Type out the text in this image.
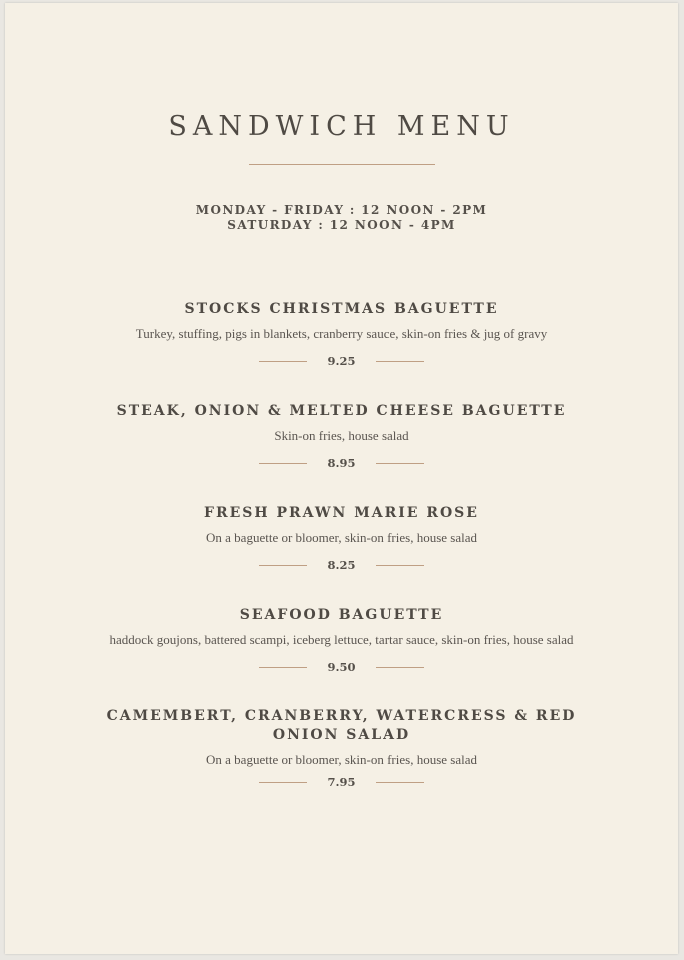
SANDWICH MENU
MONDAY - FRIDAY : 12 NOON - 2PM
SATURDAY : 12 NOON - 4PM
STOCKS CHRISTMAS BAGUETTE
Turkey, stuffing, pigs in blankets, cranberry sauce, skin-on fries & jug of gravy
9.25
STEAK, ONION & MELTED CHEESE BAGUETTE
Skin-on fries, house salad
8.95
FRESH PRAWN MARIE ROSE
On a baguette or bloomer, skin-on fries, house salad
8.25
SEAFOOD BAGUETTE
haddock goujons, battered scampi, iceberg lettuce, tartar sauce, skin-on fries, house salad
9.50
CAMEMBERT, CRANBERRY, WATERCRESS & RED ONION SALAD
On a baguette or bloomer, skin-on fries, house salad
7.95
